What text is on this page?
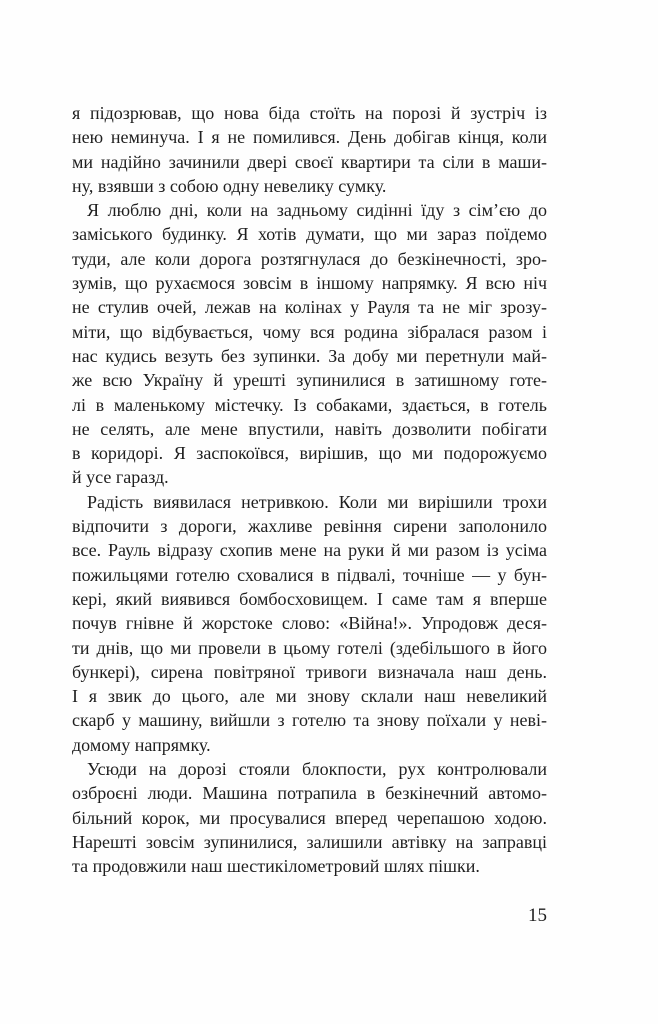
я підозрював, що нова біда стоїть на порозі й зустріч із
нею неминуча. І я не помилився. День добігав кінця, коли
ми надійно зачинили двері своєї квартири та сіли в маши-
ну, взявши з собою одну невелику сумку.

Я люблю дні, коли на задньому сидінні їду з сім’єю до
заміського будинку. Я хотів думати, що ми зараз поїдемо
туди, але коли дорога розтягнулася до безкінечності, зро-
зумів, що рухаємося зовсім в іншому напрямку. Я всю ніч
не стулив очей, лежав на колінах у Рауля та не міг зрозу-
міти, що відбувається, чому вся родина зібралася разом і
нас кудись везуть без зупинки. За добу ми перетнули май-
же всю Україну й урешті зупинилися в затишному готе-
лі в маленькому містечку. Із собаками, здається, в готель
не селять, але мене впустили, навіть дозволити побігати
в коридорі. Я заспокоївся, вирішив, що ми подорожуємо
й усе гаразд.

Радість виявилася нетривкою. Коли ми вирішили трохи
відпочити з дороги, жахливе ревіння сирени заполонило
все. Рауль відразу схопив мене на руки й ми разом із усіма
пожильцями готелю сховалися в підвалі, точніше — у бун-
кері, який виявився бомбосховищем. І саме там я вперше
почув гнівне й жорстоке слово: «Війна!». Упродовж деся-
ти днів, що ми провели в цьому готелі (здебільшого в його
бункері), сирена повітряної тривоги визначала наш день.
І я звик до цього, але ми знову склали наш невеликий
скарб у машину, вийшли з готелю та знову поїхали у неві-
домому напрямку.

Усюди на дорозі стояли блокпости, рух контролювали
озброєні люди. Машина потрапила в безкінечний автомо-
більний корок, ми просувалися вперед черепашою ходою.
Нарешті зовсім зупинилися, залишили автівку на заправці
та продовжили наш шестикілометровий шлях пішки.

15
